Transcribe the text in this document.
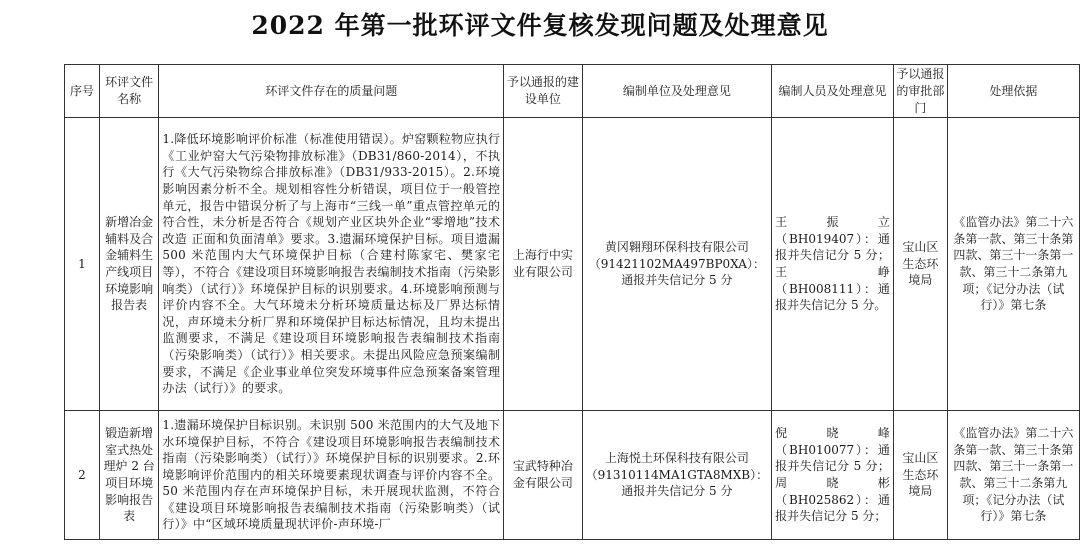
2022 年第一批环评文件复核发现问题及处理意见
序号	环评文件名称	环评文件存在的质量问题	予以通报的建设单位	编制单位及处理意见	编制人员及处理意见	予以通报的审批部门	处理依据
1	新增冶金辅料及合金辅料生产线项目环境影响报告表	1.降低环境影响评价标准（标准使用错误）。炉窑颗粒物应执行《工业炉窑大气污染物排放标准》（DB31/860-2014），不执行《大气污染物综合排放标准》（DB31/933-2015）。2.环境影响因素分析不全。规划相容性分析错误，项目位于一般管控单元，报告中错误分析了与上海市“三线一单”重点管控单元的符合性，未分析是否符合《规划产业区块外企业“零增地”技术改造 正面和负面清单》要求。3.遗漏环境保护目标。项目遗漏 500 米范围内大气环境保护目标（合建村陈家宅、樊家宅等），不符合《建设项目环境影响报告表编制技术指南（污染影响类）（试行）》环境保护目标的识别要求。4.环境影响预测与评价内容不全。大气环境未分析环境质量达标及厂界达标情况，声环境未分析厂界和环境保护目标达标情况，且均未提出监测要求，不满足《建设项目环境影响报告表编制技术指南（污染影响类）（试行）》相关要求。未提出风险应急预案编制要求，不满足《企业事业单位突发环境事件应急预案备案管理办法（试行）》的要求。	上海行中实业有限公司	黄冈翱翔环保科技有限公司（91421102MA497BP0XA）：通报并失信记分 5 分	王振立（BH019407）：通报并失信记分 5 分；王峥（BH008111）：通报并失信记分 5 分。	宝山区生态环境局	《监管办法》第二十六条第一款、第三十条第四款、第三十一条第一款、第三十二条第九项；《记分办法（试行）》第七条
2	锻造新增室式热处理炉 2 台项目环境影响报告表	1.遗漏环境保护目标识别。未识别 500 米范围内的大气及地下水环境保护目标，不符合《建设项目环境影响报告表编制技术指南（污染影响类）（试行）》环境保护目标的识别要求。2.环境影响评价范围内的相关环境要素现状调查与评价内容不全。50 米范围内存在声环境保护目标，未开展现状监测，不符合《建设项目环境影响报告表编制技术指南（污染影响类）（试行）》中“区域环境质量现状评价-声环境-厂	宝武特种冶金有限公司	上海悦土环保科技有限公司（91310114MA1GTA8MXB）：通报并失信记分 5 分	倪晓峰（BH010077）：通报并失信记分 5 分；周晓彬（BH025862）：通报并失信记分 5 分；	宝山区生态环境局	《监管办法》第二十六条第一款、第三十条第四款、第三十一条第一款、第三十二条第九项；《记分办法（试行）》第七条
